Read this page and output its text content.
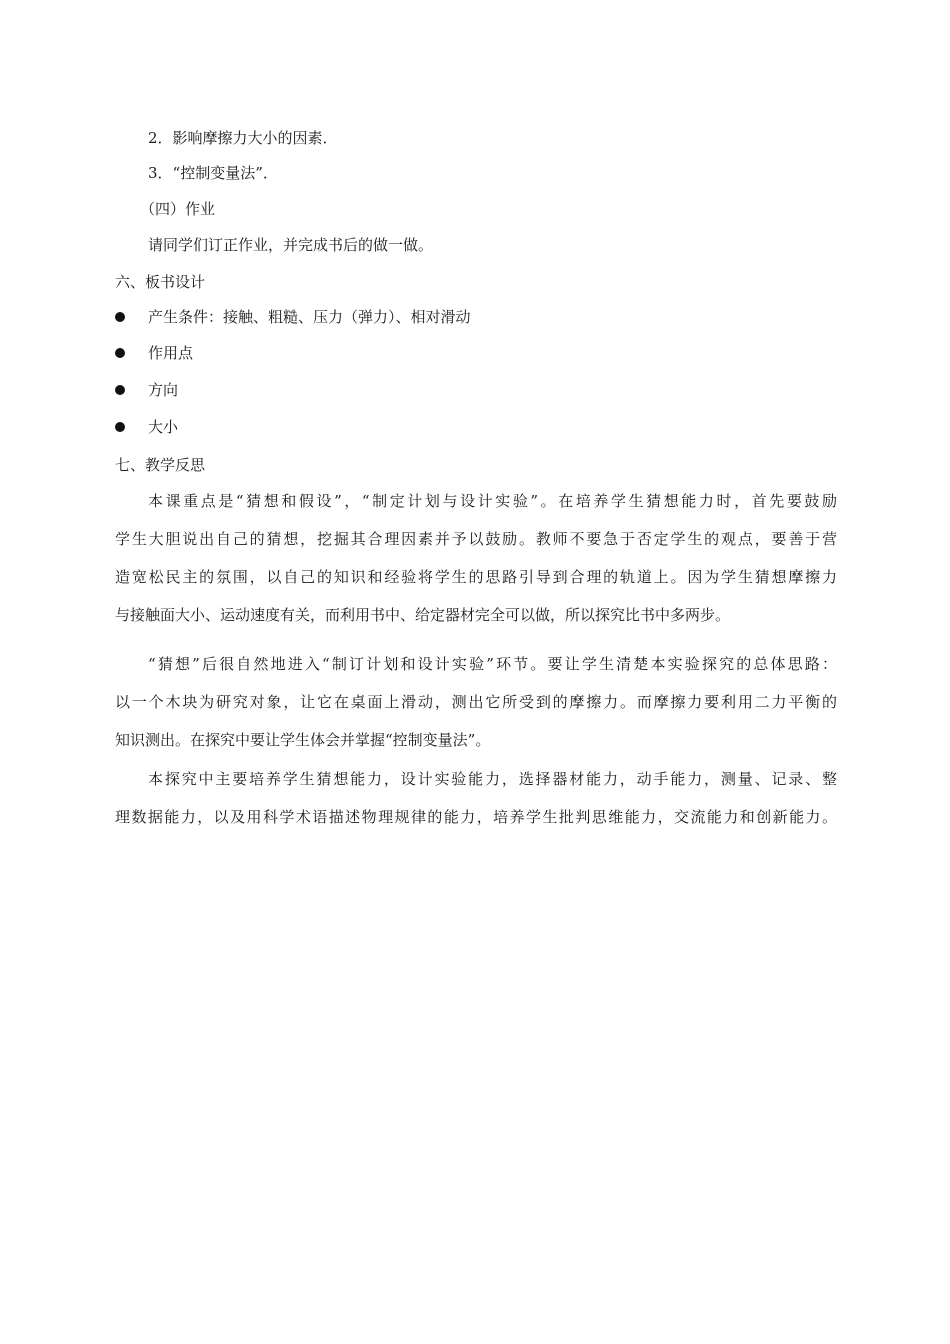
2．影响摩擦力大小的因素．
3．“控制变量法”．
（四）作业
请同学们订正作业，并完成书后的做一做。
六、板书设计
产生条件：接触、粗糙、压力（弹力）、相对滑动
作用点
方向
大小
七、教学反思
本课重点是“猜想和假设”，“制定计划与设计实验”。在培养学生猜想能力时，首先要鼓励
学生大胆说出自己的猜想，挖掘其合理因素并予以鼓励。教师不要急于否定学生的观点，要善于营
造宽松民主的氛围，以自己的知识和经验将学生的思路引导到合理的轨道上。因为学生猜想摩擦力
与接触面大小、运动速度有关，而利用书中、给定器材完全可以做，所以探究比书中多两步。
“猜想”后很自然地进入“制订计划和设计实验”环节。要让学生清楚本实验探究的总体思路：
以一个木块为研究对象，让它在桌面上滑动，测出它所受到的摩擦力。而摩擦力要利用二力平衡的
知识测出。在探究中要让学生体会并掌握“控制变量法”。
本探究中主要培养学生猜想能力，设计实验能力，选择器材能力，动手能力，测量、记录、整
理数据能力，以及用科学术语描述物理规律的能力，培养学生批判思维能力，交流能力和创新能力。
